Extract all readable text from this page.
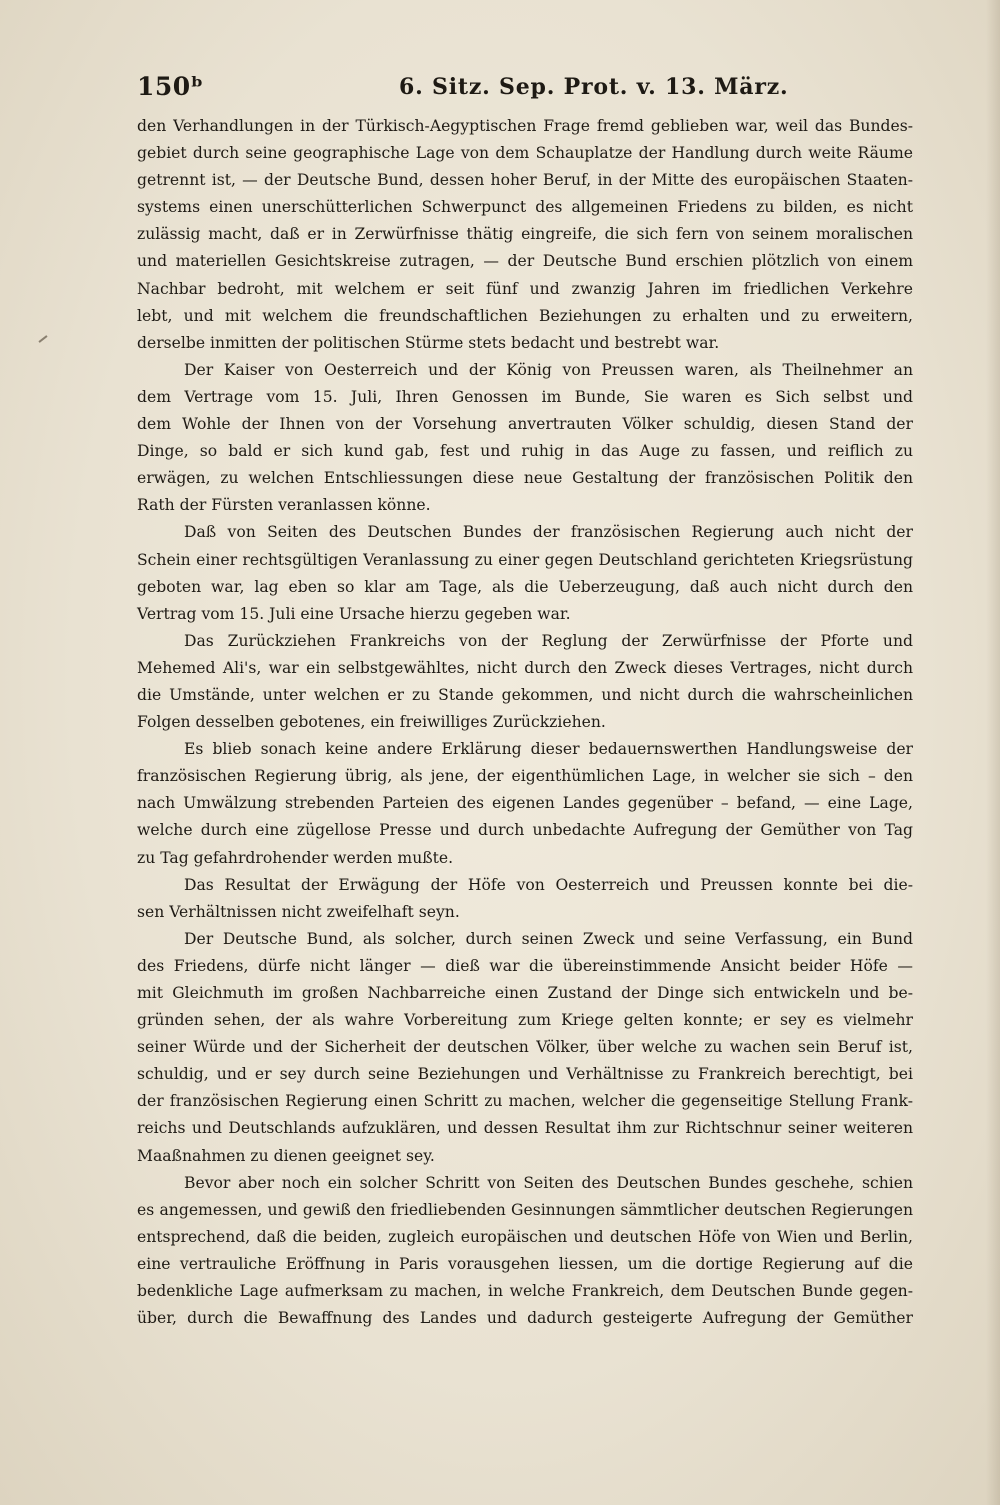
150ᵇ	6. Sitz. Sep. Prot. v. 13. März.
den Verhandlungen in der Türkisch-Aegyptischen Frage fremd geblieben war, weil das Bundes-
gebiet durch seine geographische Lage von dem Schauplatze der Handlung durch weite Räume
getrennt ist, — der Deutsche Bund, dessen hoher Beruf, in der Mitte des europäischen Staaten-
systems einen unerschütterlichen Schwerpunct des allgemeinen Friedens zu bilden, es nicht
zulässig macht, daß er in Zerwürfnisse thätig eingreife, die sich fern von seinem moralischen
und materiellen Gesichtskreise zutragen, — der Deutsche Bund erschien plötzlich von einem
Nachbar bedroht, mit welchem er seit fünf und zwanzig Jahren im friedlichen Verkehre
lebt, und mit welchem die freundschaftlichen Beziehungen zu erhalten und zu erweitern,
derselbe inmitten der politischen Stürme stets bedacht und bestrebt war.
Der Kaiser von Oesterreich und der König von Preussen waren, als Theilnehmer an
dem Vertrage vom 15. Juli, Ihren Genossen im Bunde, Sie waren es Sich selbst und
dem Wohle der Ihnen von der Vorsehung anvertrauten Völker schuldig, diesen Stand der
Dinge, so bald er sich kund gab, fest und ruhig in das Auge zu fassen, und reiflich zu
erwägen, zu welchen Entschliessungen diese neue Gestaltung der französischen Politik den
Rath der Fürsten veranlassen könne.
Daß von Seiten des Deutschen Bundes der französischen Regierung auch nicht der
Schein einer rechtsgültigen Veranlassung zu einer gegen Deutschland gerichteten Kriegsrüstung
geboten war, lag eben so klar am Tage, als die Ueberzeugung, daß auch nicht durch den
Vertrag vom 15. Juli eine Ursache hierzu gegeben war.
Das Zurückziehen Frankreichs von der Reglung der Zerwürfnisse der Pforte und
Mehemed Ali's, war ein selbstgewähltes, nicht durch den Zweck dieses Vertrages, nicht durch
die Umstände, unter welchen er zu Stande gekommen, und nicht durch die wahrscheinlichen
Folgen desselben gebotenes, ein freiwilliges Zurückziehen.
Es blieb sonach keine andere Erklärung dieser bedauernswerthen Handlungsweise der
französischen Regierung übrig, als jene, der eigenthümlichen Lage, in welcher sie sich – den
nach Umwälzung strebenden Parteien des eigenen Landes gegenüber – befand, — eine Lage,
welche durch eine zügellose Presse und durch unbedachte Aufregung der Gemüther von Tag
zu Tag gefahrdrohender werden mußte.
Das Resultat der Erwägung der Höfe von Oesterreich und Preussen konnte bei die-
sen Verhältnissen nicht zweifelhaft seyn.
Der Deutsche Bund, als solcher, durch seinen Zweck und seine Verfassung, ein Bund
des Friedens, dürfe nicht länger — dieß war die übereinstimmende Ansicht beider Höfe —
mit Gleichmuth im großen Nachbarreiche einen Zustand der Dinge sich entwickeln und be-
gründen sehen, der als wahre Vorbereitung zum Kriege gelten konnte; er sey es vielmehr
seiner Würde und der Sicherheit der deutschen Völker, über welche zu wachen sein Beruf ist,
schuldig, und er sey durch seine Beziehungen und Verhältnisse zu Frankreich berechtigt, bei
der französischen Regierung einen Schritt zu machen, welcher die gegenseitige Stellung Frank-
reichs und Deutschlands aufzuklären, und dessen Resultat ihm zur Richtschnur seiner weiteren
Maaßnahmen zu dienen geeignet sey.
Bevor aber noch ein solcher Schritt von Seiten des Deutschen Bundes geschehe, schien
es angemessen, und gewiß den friedliebenden Gesinnungen sämmtlicher deutschen Regierungen
entsprechend, daß die beiden, zugleich europäischen und deutschen Höfe von Wien und Berlin,
eine vertrauliche Eröffnung in Paris vorausgehen liessen, um die dortige Regierung auf die
bedenkliche Lage aufmerksam zu machen, in welche Frankreich, dem Deutschen Bunde gegen-
über, durch die Bewaffnung des Landes und dadurch gesteigerte Aufregung der Gemüther
